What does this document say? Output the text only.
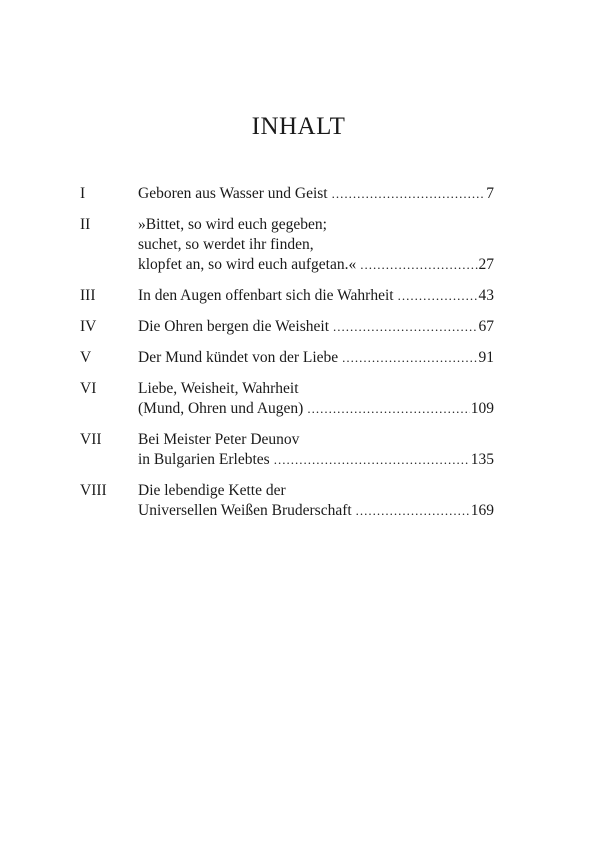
INHALT
I	Geboren aus Wasser und Geist .....	7
II	»Bittet, so wird euch gegeben;
suchet, so werdet ihr finden,
klopfet an, so wird euch aufgetan.« .....	27
III	In den Augen offenbart sich die Wahrheit .....	43
IV	Die Ohren bergen die Weisheit .....	67
V	Der Mund kündet von der Liebe .....	91
VI	Liebe, Weisheit, Wahrheit
(Mund, Ohren und Augen) .....	109
VII	Bei Meister Peter Deunov
in Bulgarien Erlebtes .....	135
VIII	Die lebendige Kette der
Universellen Weißen Bruderschaft .....	169
